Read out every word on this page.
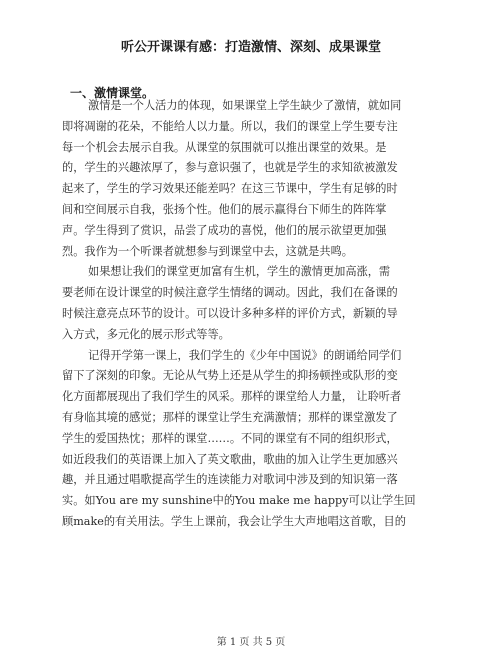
听公开课课有感：打造激情、深刻、成果课堂
一、激情课堂。
激情是一个人活力的体现，如果课堂上学生缺少了激情，就如同
即将凋谢的花朵，不能给人以力量。所以，我们的课堂上学生要专注
每一个机会去展示自我。从课堂的氛围就可以推出课堂的效果。是
的，学生的兴趣浓厚了，参与意识强了，也就是学生的求知欲被激发
起来了，学生的学习效果还能差吗？在这三节课中，学生有足够的时
间和空间展示自我，张扬个性。他们的展示赢得台下师生的阵阵掌
声。学生得到了赏识，品尝了成功的喜悦，他们的展示欲望更加强
烈。我作为一个听课者就想参与到课堂中去，这就是共鸣。
如果想让我们的课堂更加富有生机，学生的激情更加高涨，需
要老师在设计课堂的时候注意学生情绪的调动。因此，我们在备课的
时候注意亮点环节的设计。可以设计多种多样的评价方式，新颖的导
入方式，多元化的展示形式等等。
记得开学第一课上，我们学生的《少年中国说》的朗诵给同学们
留下了深刻的印象。无论从气势上还是从学生的抑扬顿挫或队形的变
化方面都展现出了我们学生的风采。那样的课堂给人力量， 让聆听者
有身临其境的感觉；那样的课堂让学生充满激情；那样的课堂激发了
学生的爱国热忱；那样的课堂……。不同的课堂有不同的组织形式，
如近段我们的英语课上加入了英文歌曲，歌曲的加入让学生更加感兴
趣，并且通过唱歌提高学生的连读能力对歌词中涉及到的知识第一落
实。如You are my sunshine中的You make me happy可以让学生回
顾make的有关用法。学生上课前，我会让学生大声地唱这首歌，目的
第 1 页 共 5 页
